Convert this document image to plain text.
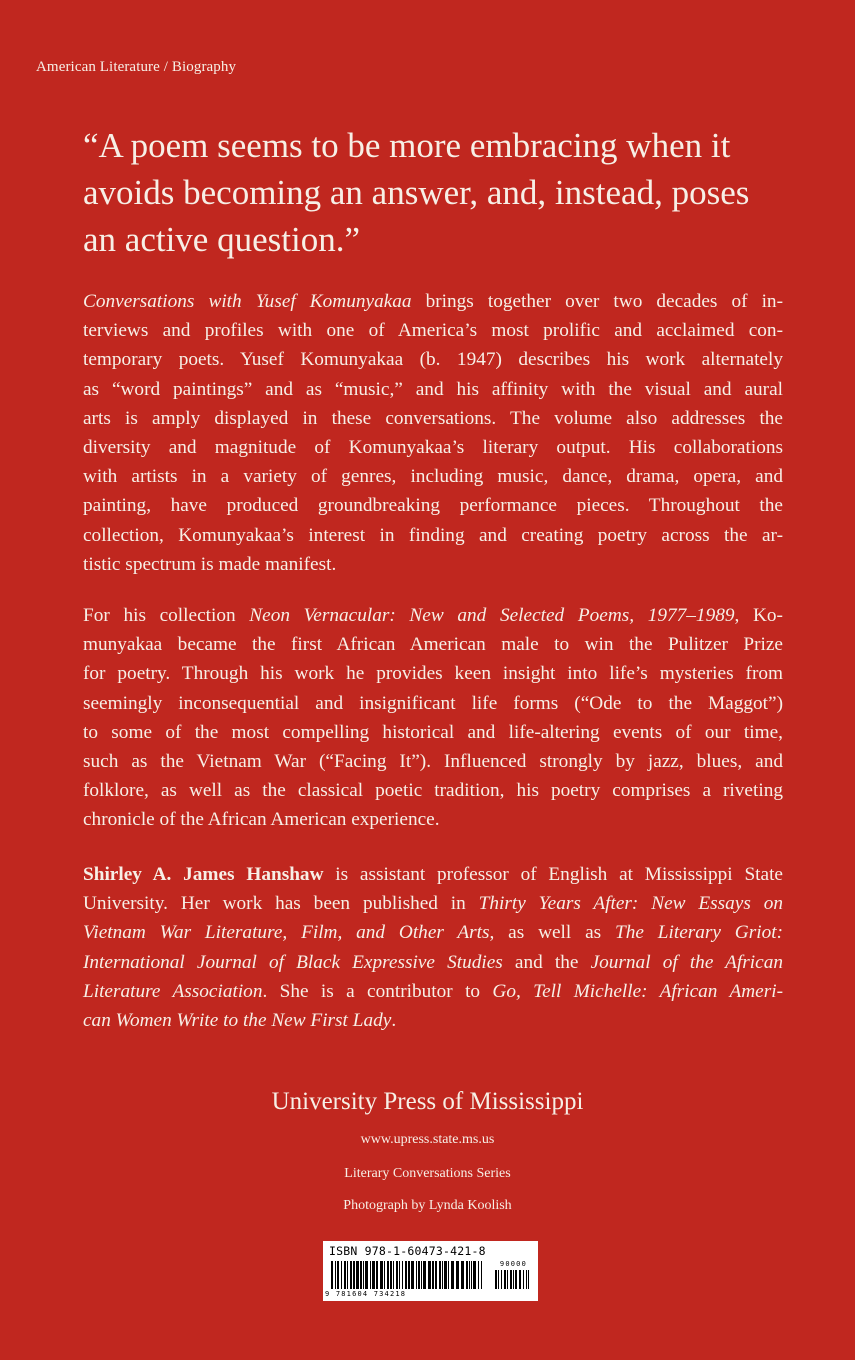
American Literature / Biography
“A poem seems to be more embracing when it
avoids becoming an answer, and, instead, poses
an active question.”
Conversations with Yusef Komunyakaa brings together over two decades of in-
terviews and profiles with one of America’s most prolific and acclaimed con-
temporary poets. Yusef Komunyakaa (b. 1947) describes his work alternately
as “word paintings” and as “music,” and his affinity with the visual and aural
arts is amply displayed in these conversations. The volume also addresses the
diversity and magnitude of Komunyakaa’s literary output. His collaborations
with artists in a variety of genres, including music, dance, drama, opera, and
painting, have produced groundbreaking performance pieces. Throughout the
collection, Komunyakaa’s interest in finding and creating poetry across the ar-
tistic spectrum is made manifest.
For his collection Neon Vernacular: New and Selected Poems, 1977–1989, Ko-
munyakaa became the first African American male to win the Pulitzer Prize
for poetry. Through his work he provides keen insight into life’s mysteries from
seemingly inconsequential and insignificant life forms (“Ode to the Maggot”)
to some of the most compelling historical and life-altering events of our time,
such as the Vietnam War (“Facing It”). Influenced strongly by jazz, blues, and
folklore, as well as the classical poetic tradition, his poetry comprises a riveting
chronicle of the African American experience.
Shirley A. James Hanshaw is assistant professor of English at Mississippi State
University. Her work has been published in Thirty Years After: New Essays on
Vietnam War Literature, Film, and Other Arts, as well as The Literary Griot:
International Journal of Black Expressive Studies and the Journal of the African
Literature Association. She is a contributor to Go, Tell Michelle: African Ameri-
can Women Write to the New First Lady.
University Press of Mississippi
www.upress.state.ms.us
Literary Conversations Series
Photograph by Lynda Koolish
ISBN 978-1-60473-421-8
9 781604 734218
90000
